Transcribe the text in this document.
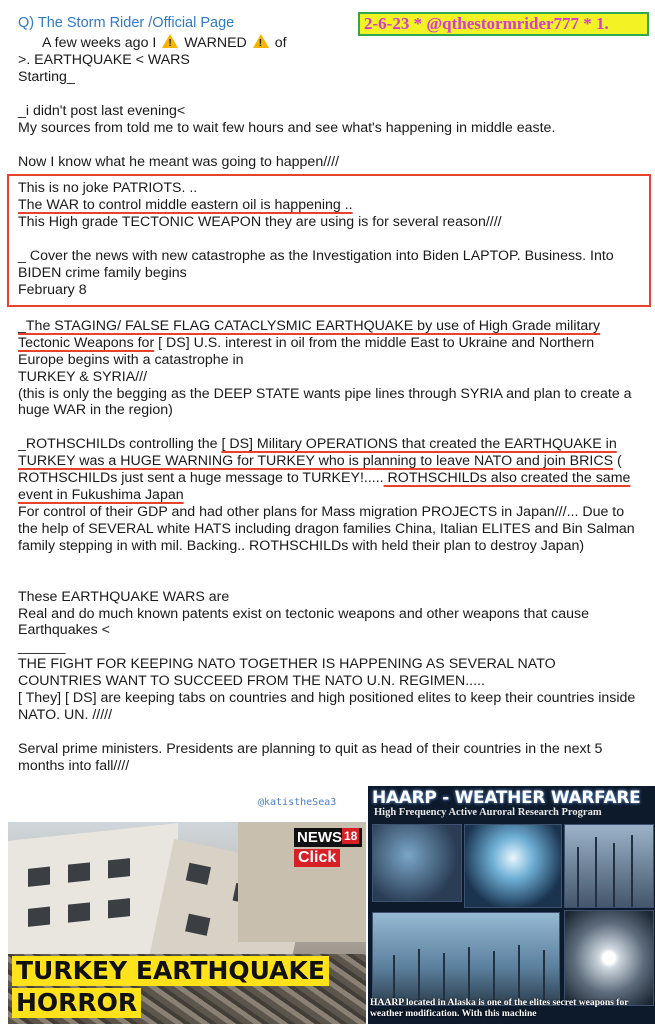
Q) The Storm Rider /Official Page	2-6-23 * @qthestormrider777 * 1.

A few weeks ago I ! WARNED ! of

>. EARTHQUAKE < WARS

Starting_

_i didn't post last evening<

My sources from told me to wait few hours and see what's happening in middle easte.

Now I know what he meant was going to happen////

This is no joke PATRIOTS. ..

The WAR to control middle eastern oil is happening ..

This High grade TECTONIC WEAPON they are using is for several reason////

_ Cover the news with new catastrophe as the Investigation into Biden LAPTOP. Business. Into BIDEN crime family begins

February 8

_The STAGING/ FALSE FLAG CATACLYSMIC EARTHQUAKE by use of High Grade military Tectonic Weapons for [ DS] U.S. interest in oil from the middle East to Ukraine and Northern Europe begins with a catastrophe in

TURKEY & SYRIA///

(this is only the begging as the DEEP STATE wants pipe lines through SYRIA and plan to create a huge WAR in the region)

_ROTHSCHILDs controlling the [ DS] Military OPERATIONS that created the EARTHQUAKE in TURKEY was a HUGE WARNING for TURKEY who is planning to leave NATO and join BRICS ( ROTHSCHILDs just sent a huge message to TURKEY!..... ROTHSCHILDs also created the same event in Fukushima Japan

For control of their GDP and had other plans for Mass migration PROJECTS in Japan///... Due to the help of SEVERAL white HATS including dragon families China, Italian ELITES and Bin Salman family stepping in with mil. Backing.. ROTHSCHILDs with held their plan to destroy Japan)

These EARTHQUAKE WARS are

Real and do much known patents exist on tectonic weapons and other weapons that cause Earthquakes <

______

THE FIGHT FOR KEEPING NATO TOGETHER IS HAPPENING AS SEVERAL NATO COUNTRIES WANT TO SUCCEED FROM THE NATO U.N. REGIMEN.....

[ They] [ DS] are keeping tabs on countries and high positioned elites to keep their countries inside NATO. UN. /////

Serval prime ministers. Presidents are planning to quit as head of their countries in the next 5 months into fall////

@katistheSea3
NEWS $^{18}$
Click
TURKEY EARTHQUAKE
HORROR
HAARP - WEATHER WARFARE
High Frequency Active Auroral Research Program
HAARP located in Alaska is one of the elites secret weapons for weather modification. With this machine
